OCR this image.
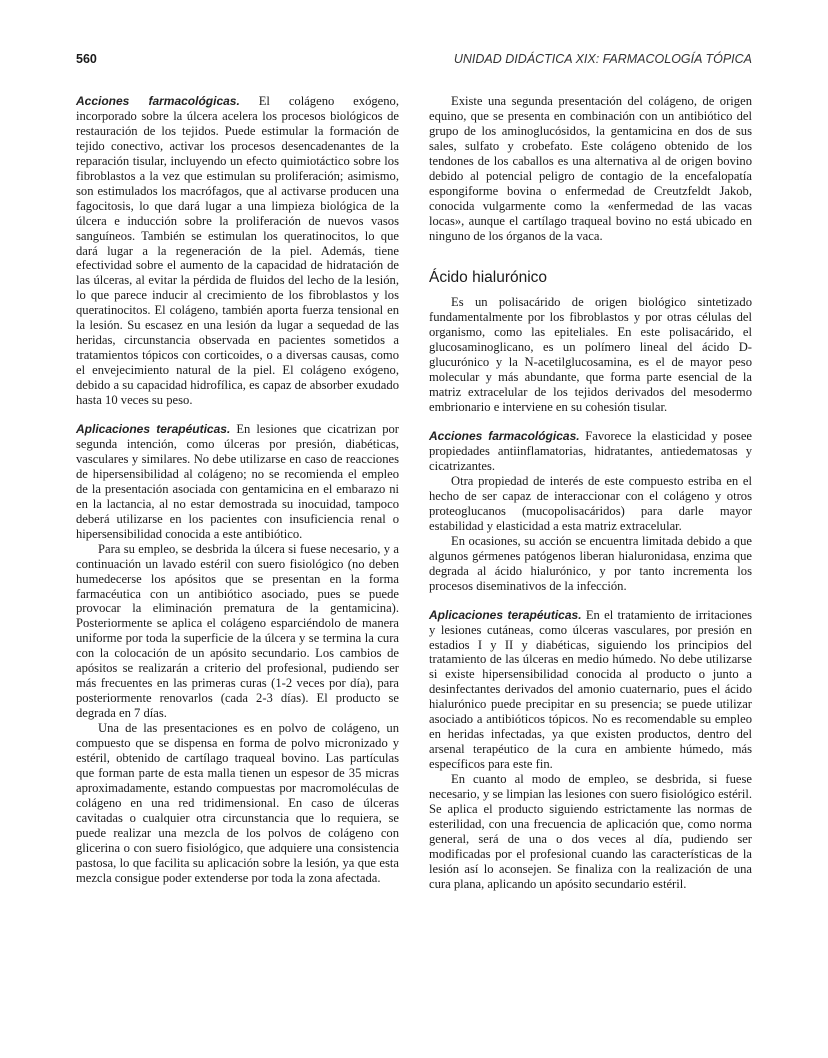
560	UNIDAD DIDÁCTICA XIX: FARMACOLOGÍA TÓPICA

Acciones farmacológicas. El colágeno exógeno, incorporado sobre la úlcera acelera los procesos biológicos de restauración de los tejidos. Puede estimular la formación de tejido conectivo, activar los procesos desencadenantes de la reparación tisular, incluyendo un efecto quimiotáctico sobre los fibroblastos a la vez que estimulan su proliferación; asimismo, son estimulados los macrófagos, que al activarse producen una fagocitosis, lo que dará lugar a una limpieza biológica de la úlcera e inducción sobre la proliferación de nuevos vasos sanguíneos. También se estimulan los queratinocitos, lo que dará lugar a la regeneración de la piel. Además, tiene efectividad sobre el aumento de la capacidad de hidratación de las úlceras, al evitar la pérdida de fluidos del lecho de la lesión, lo que parece inducir al crecimiento de los fibroblastos y los queratinocitos. El colágeno, también aporta fuerza tensional en la lesión. Su escasez en una lesión da lugar a sequedad de las heridas, circunstancia observada en pacientes sometidos a tratamientos tópicos con corticoides, o a diversas causas, como el envejecimiento natural de la piel. El colágeno exógeno, debido a su capacidad hidrofílica, es capaz de absorber exudado hasta 10 veces su peso.

Aplicaciones terapéuticas. En lesiones que cicatrizan por segunda intención, como úlceras por presión, diabéticas, vasculares y similares. No debe utilizarse en caso de reacciones de hipersensibilidad al colágeno; no se recomienda el empleo de la presentación asociada con gentamicina en el embarazo ni en la lactancia, al no estar demostrada su inocuidad, tampoco deberá utilizarse en los pacientes con insuficiencia renal o hipersensibilidad conocida a este antibiótico.

Para su empleo, se desbrida la úlcera si fuese necesario, y a continuación un lavado estéril con suero fisiológico (no deben humedecerse los apósitos que se presentan en la forma farmacéutica con un antibiótico asociado, pues se puede provocar la eliminación prematura de la gentamicina). Posteriormente se aplica el colágeno esparciéndolo de manera uniforme por toda la superficie de la úlcera y se termina la cura con la colocación de un apósito secundario. Los cambios de apósitos se realizarán a criterio del profesional, pudiendo ser más frecuentes en las primeras curas (1-2 veces por día), para posteriormente renovarlos (cada 2-3 días). El producto se degrada en 7 días.

Una de las presentaciones es en polvo de colágeno, un compuesto que se dispensa en forma de polvo micronizado y estéril, obtenido de cartílago traqueal bovino. Las partículas que forman parte de esta malla tienen un espesor de 35 micras aproximadamente, estando compuestas por macromoléculas de colágeno en una red tridimensional. En caso de úlceras cavitadas o cualquier otra circunstancia que lo requiera, se puede realizar una mezcla de los polvos de colágeno con glicerina o con suero fisiológico, que adquiere una consistencia pastosa, lo que facilita su aplicación sobre la lesión, ya que esta mezcla consigue poder extenderse por toda la zona afectada.

Existe una segunda presentación del colágeno, de origen equino, que se presenta en combinación con un antibiótico del grupo de los aminoglucósidos, la gentamicina en dos de sus sales, sulfato y crobefato. Este colágeno obtenido de los tendones de los caballos es una alternativa al de origen bovino debido al potencial peligro de contagio de la encefalopatía espongiforme bovina o enfermedad de Creutzfeldt Jakob, conocida vulgarmente como la «enfermedad de las vacas locas», aunque el cartílago traqueal bovino no está ubicado en ninguno de los órganos de la vaca.

Ácido hialurónico

Es un polisacárido de origen biológico sintetizado fundamentalmente por los fibroblastos y por otras células del organismo, como las epiteliales. En este polisacárido, el glucosaminoglicano, es un polímero lineal del ácido D-glucurónico y la N-acetilglucosamina, es el de mayor peso molecular y más abundante, que forma parte esencial de la matriz extracelular de los tejidos derivados del mesodermo embrionario e interviene en su cohesión tisular.

Acciones farmacológicas. Favorece la elasticidad y posee propiedades antiinflamatorias, hidratantes, antiedematosas y cicatrizantes.

Otra propiedad de interés de este compuesto estriba en el hecho de ser capaz de interaccionar con el colágeno y otros proteoglucanos (mucopolisacáridos) para darle mayor estabilidad y elasticidad a esta matriz extracelular.

En ocasiones, su acción se encuentra limitada debido a que algunos gérmenes patógenos liberan hialuronidasa, enzima que degrada al ácido hialurónico, y por tanto incrementa los procesos diseminativos de la infección.

Aplicaciones terapéuticas. En el tratamiento de irritaciones y lesiones cutáneas, como úlceras vasculares, por presión en estadios I y II y diabéticas, siguiendo los principios del tratamiento de las úlceras en medio húmedo. No debe utilizarse si existe hipersensibilidad conocida al producto o junto a desinfectantes derivados del amonio cuaternario, pues el ácido hialurónico puede precipitar en su presencia; se puede utilizar asociado a antibióticos tópicos. No es recomendable su empleo en heridas infectadas, ya que existen productos, dentro del arsenal terapéutico de la cura en ambiente húmedo, más específicos para este fin.

En cuanto al modo de empleo, se desbrida, si fuese necesario, y se limpian las lesiones con suero fisiológico estéril. Se aplica el producto siguiendo estrictamente las normas de esterilidad, con una frecuencia de aplicación que, como norma general, será de una o dos veces al día, pudiendo ser modificadas por el profesional cuando las características de la lesión así lo aconsejen. Se finaliza con la realización de una cura plana, aplicando un apósito secundario estéril.
